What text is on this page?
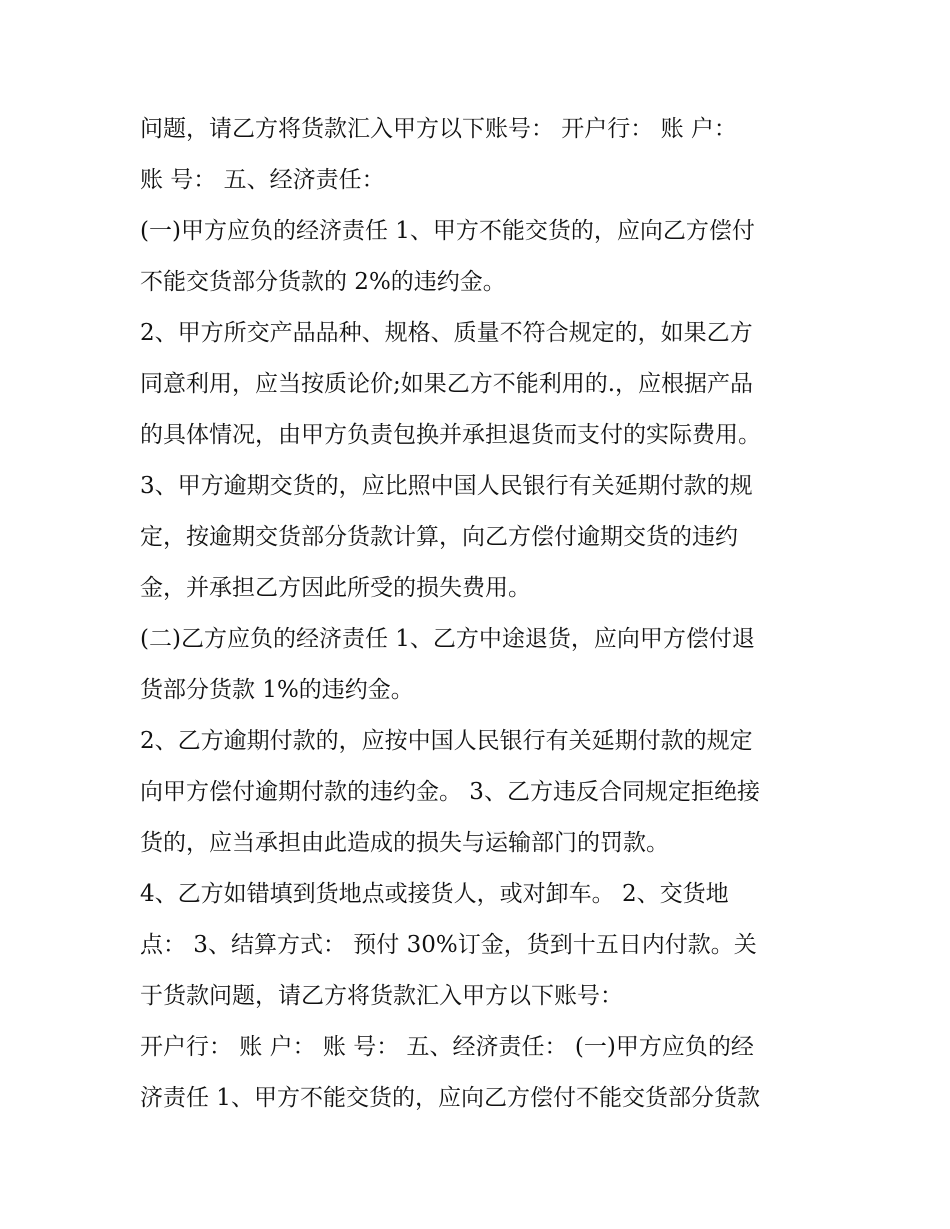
问题，请乙方将货款汇入甲方以下账号： 开户行： 账 户：

账 号： 五、经济责任：

(一)甲方应负的经济责任 1、甲方不能交货的，应向乙方偿付

不能交货部分货款的 2%的违约金。

2、甲方所交产品品种、规格、质量不符合规定的，如果乙方

同意利用，应当按质论价;如果乙方不能利用的.，应根据产品

的具体情况，由甲方负责包换并承担退货而支付的实际费用。

3、甲方逾期交货的，应比照中国人民银行有关延期付款的规

定，按逾期交货部分货款计算，向乙方偿付逾期交货的违约

金，并承担乙方因此所受的损失费用。

(二)乙方应负的经济责任 1、乙方中途退货，应向甲方偿付退

货部分货款 1%的违约金。

2、乙方逾期付款的，应按中国人民银行有关延期付款的规定

向甲方偿付逾期付款的违约金。 3、乙方违反合同规定拒绝接

货的，应当承担由此造成的损失与运输部门的罚款。

4、乙方如错填到货地点或接货人，或对卸车。 2、交货地

点： 3、结算方式： 预付 30%订金，货到十五日内付款。关

于货款问题，请乙方将货款汇入甲方以下账号：

开户行： 账 户： 账 号： 五、经济责任： (一)甲方应负的经

济责任 1、甲方不能交货的，应向乙方偿付不能交货部分货款
